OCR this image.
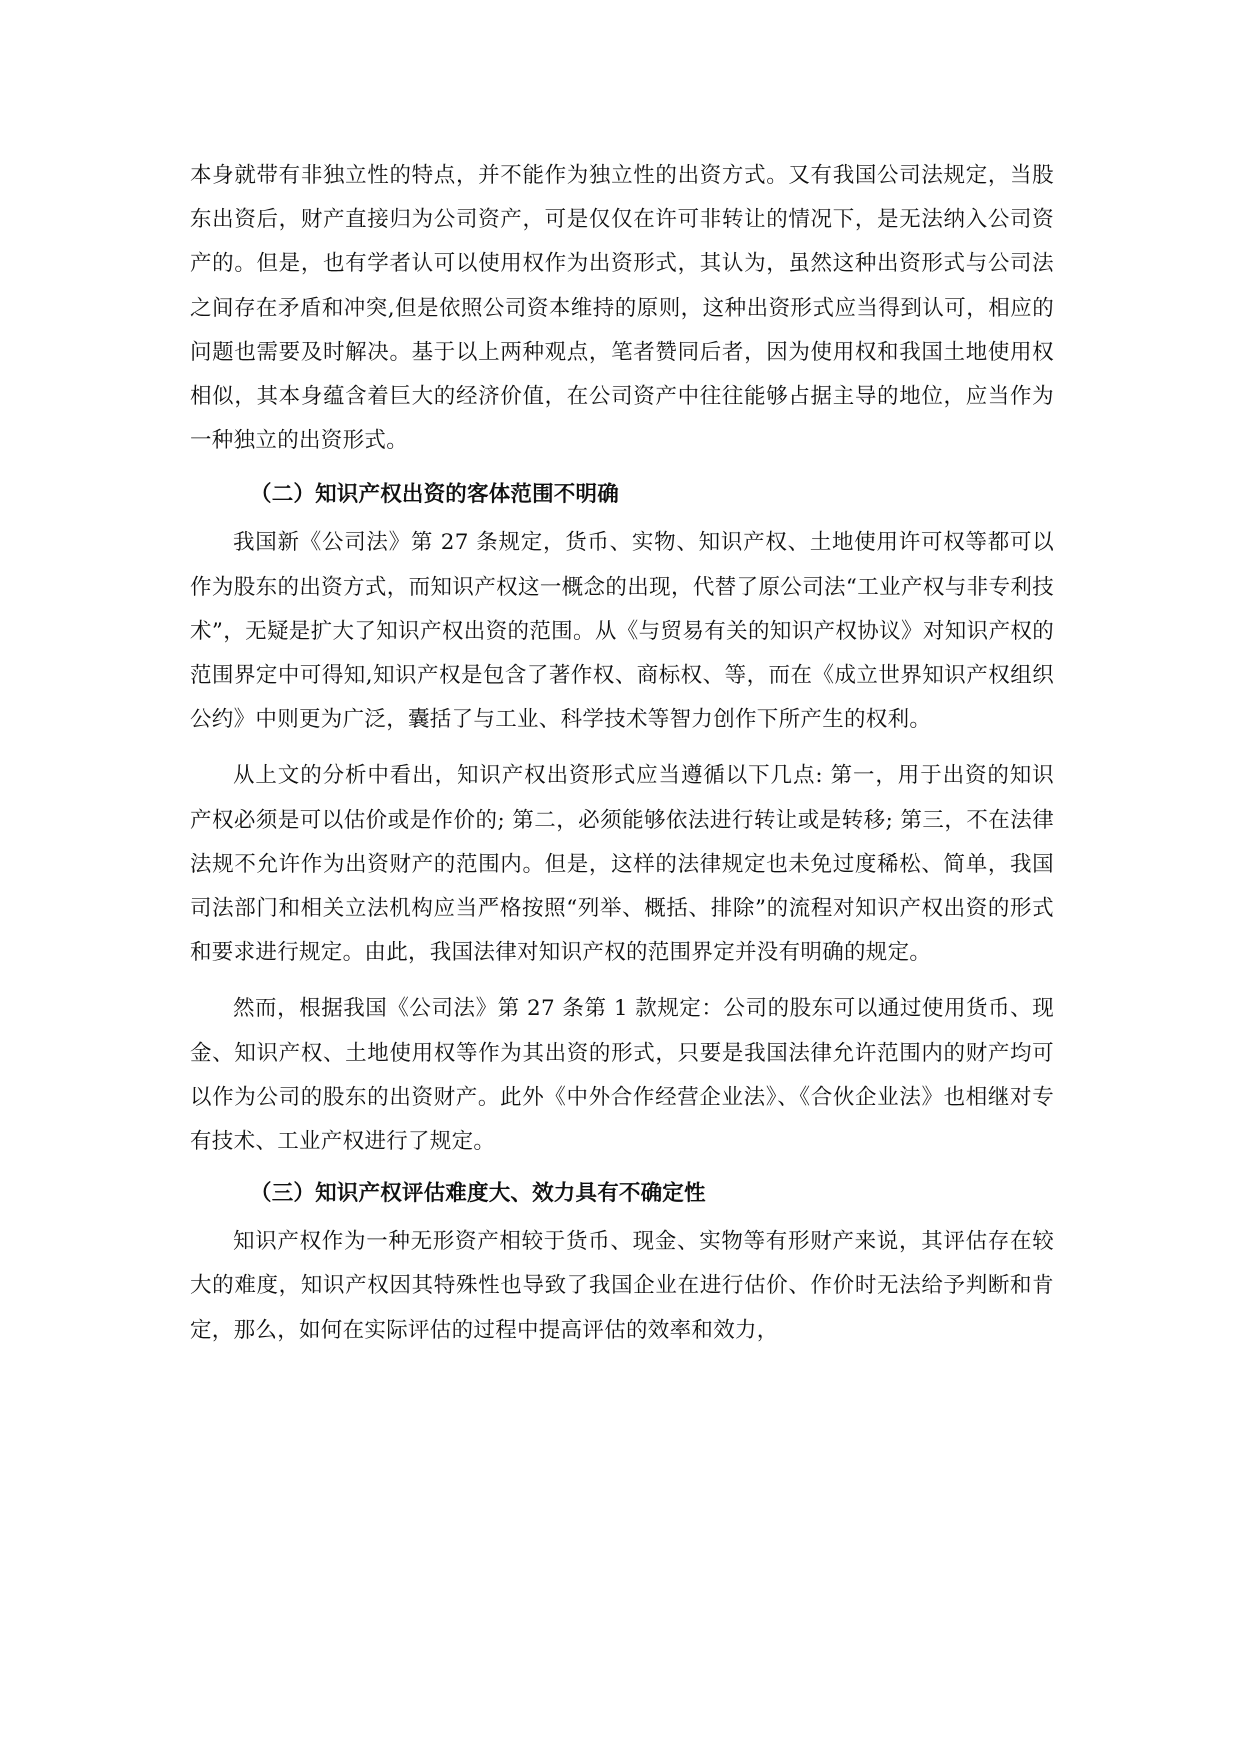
本身就带有非独立性的特点，并不能作为独立性的出资方式。又有我国公司法规定，当股东出资后，财产直接归为公司资产，可是仅仅在许可非转让的情况下，是无法纳入公司资产的。但是，也有学者认可以使用权作为出资形式，其认为，虽然这种出资形式与公司法之间存在矛盾和冲突,但是依照公司资本维持的原则，这种出资形式应当得到认可，相应的问题也需要及时解决。基于以上两种观点，笔者赞同后者，因为使用权和我国土地使用权相似，其本身蕴含着巨大的经济价值，在公司资产中往往能够占据主导的地位，应当作为一种独立的出资形式。

（二）知识产权出资的客体范围不明确

我国新《公司法》第 27 条规定，货币、实物、知识产权、土地使用许可权等都可以作为股东的出资方式，而知识产权这一概念的出现，代替了原公司法“工业产权与非专利技术”，无疑是扩大了知识产权出资的范围。从《与贸易有关的知识产权协议》对知识产权的范围界定中可得知,知识产权是包含了著作权、商标权、等，而在《成立世界知识产权组织公约》中则更为广泛，囊括了与工业、科学技术等智力创作下所产生的权利。

从上文的分析中看出，知识产权出资形式应当遵循以下几点: 第一，用于出资的知识产权必须是可以估价或是作价的; 第二，必须能够依法进行转让或是转移; 第三，不在法律法规不允许作为出资财产的范围内。但是，这样的法律规定也未免过度稀松、简单，我国司法部门和相关立法机构应当严格按照“列举、概括、排除”的流程对知识产权出资的形式和要求进行规定。由此，我国法律对知识产权的范围界定并没有明确的规定。

然而，根据我国《公司法》第 27 条第 1 款规定：公司的股东可以通过使用货币、现金、知识产权、土地使用权等作为其出资的形式，只要是我国法律允许范围内的财产均可以作为公司的股东的出资财产。此外《中外合作经营企业法》、《合伙企业法》也相继对专有技术、工业产权进行了规定。

（三）知识产权评估难度大、效力具有不确定性

知识产权作为一种无形资产相较于货币、现金、实物等有形财产来说，其评估存在较大的难度，知识产权因其特殊性也导致了我国企业在进行估价、作价时无法给予判断和肯定，那么，如何在实际评估的过程中提高评估的效率和效力，
